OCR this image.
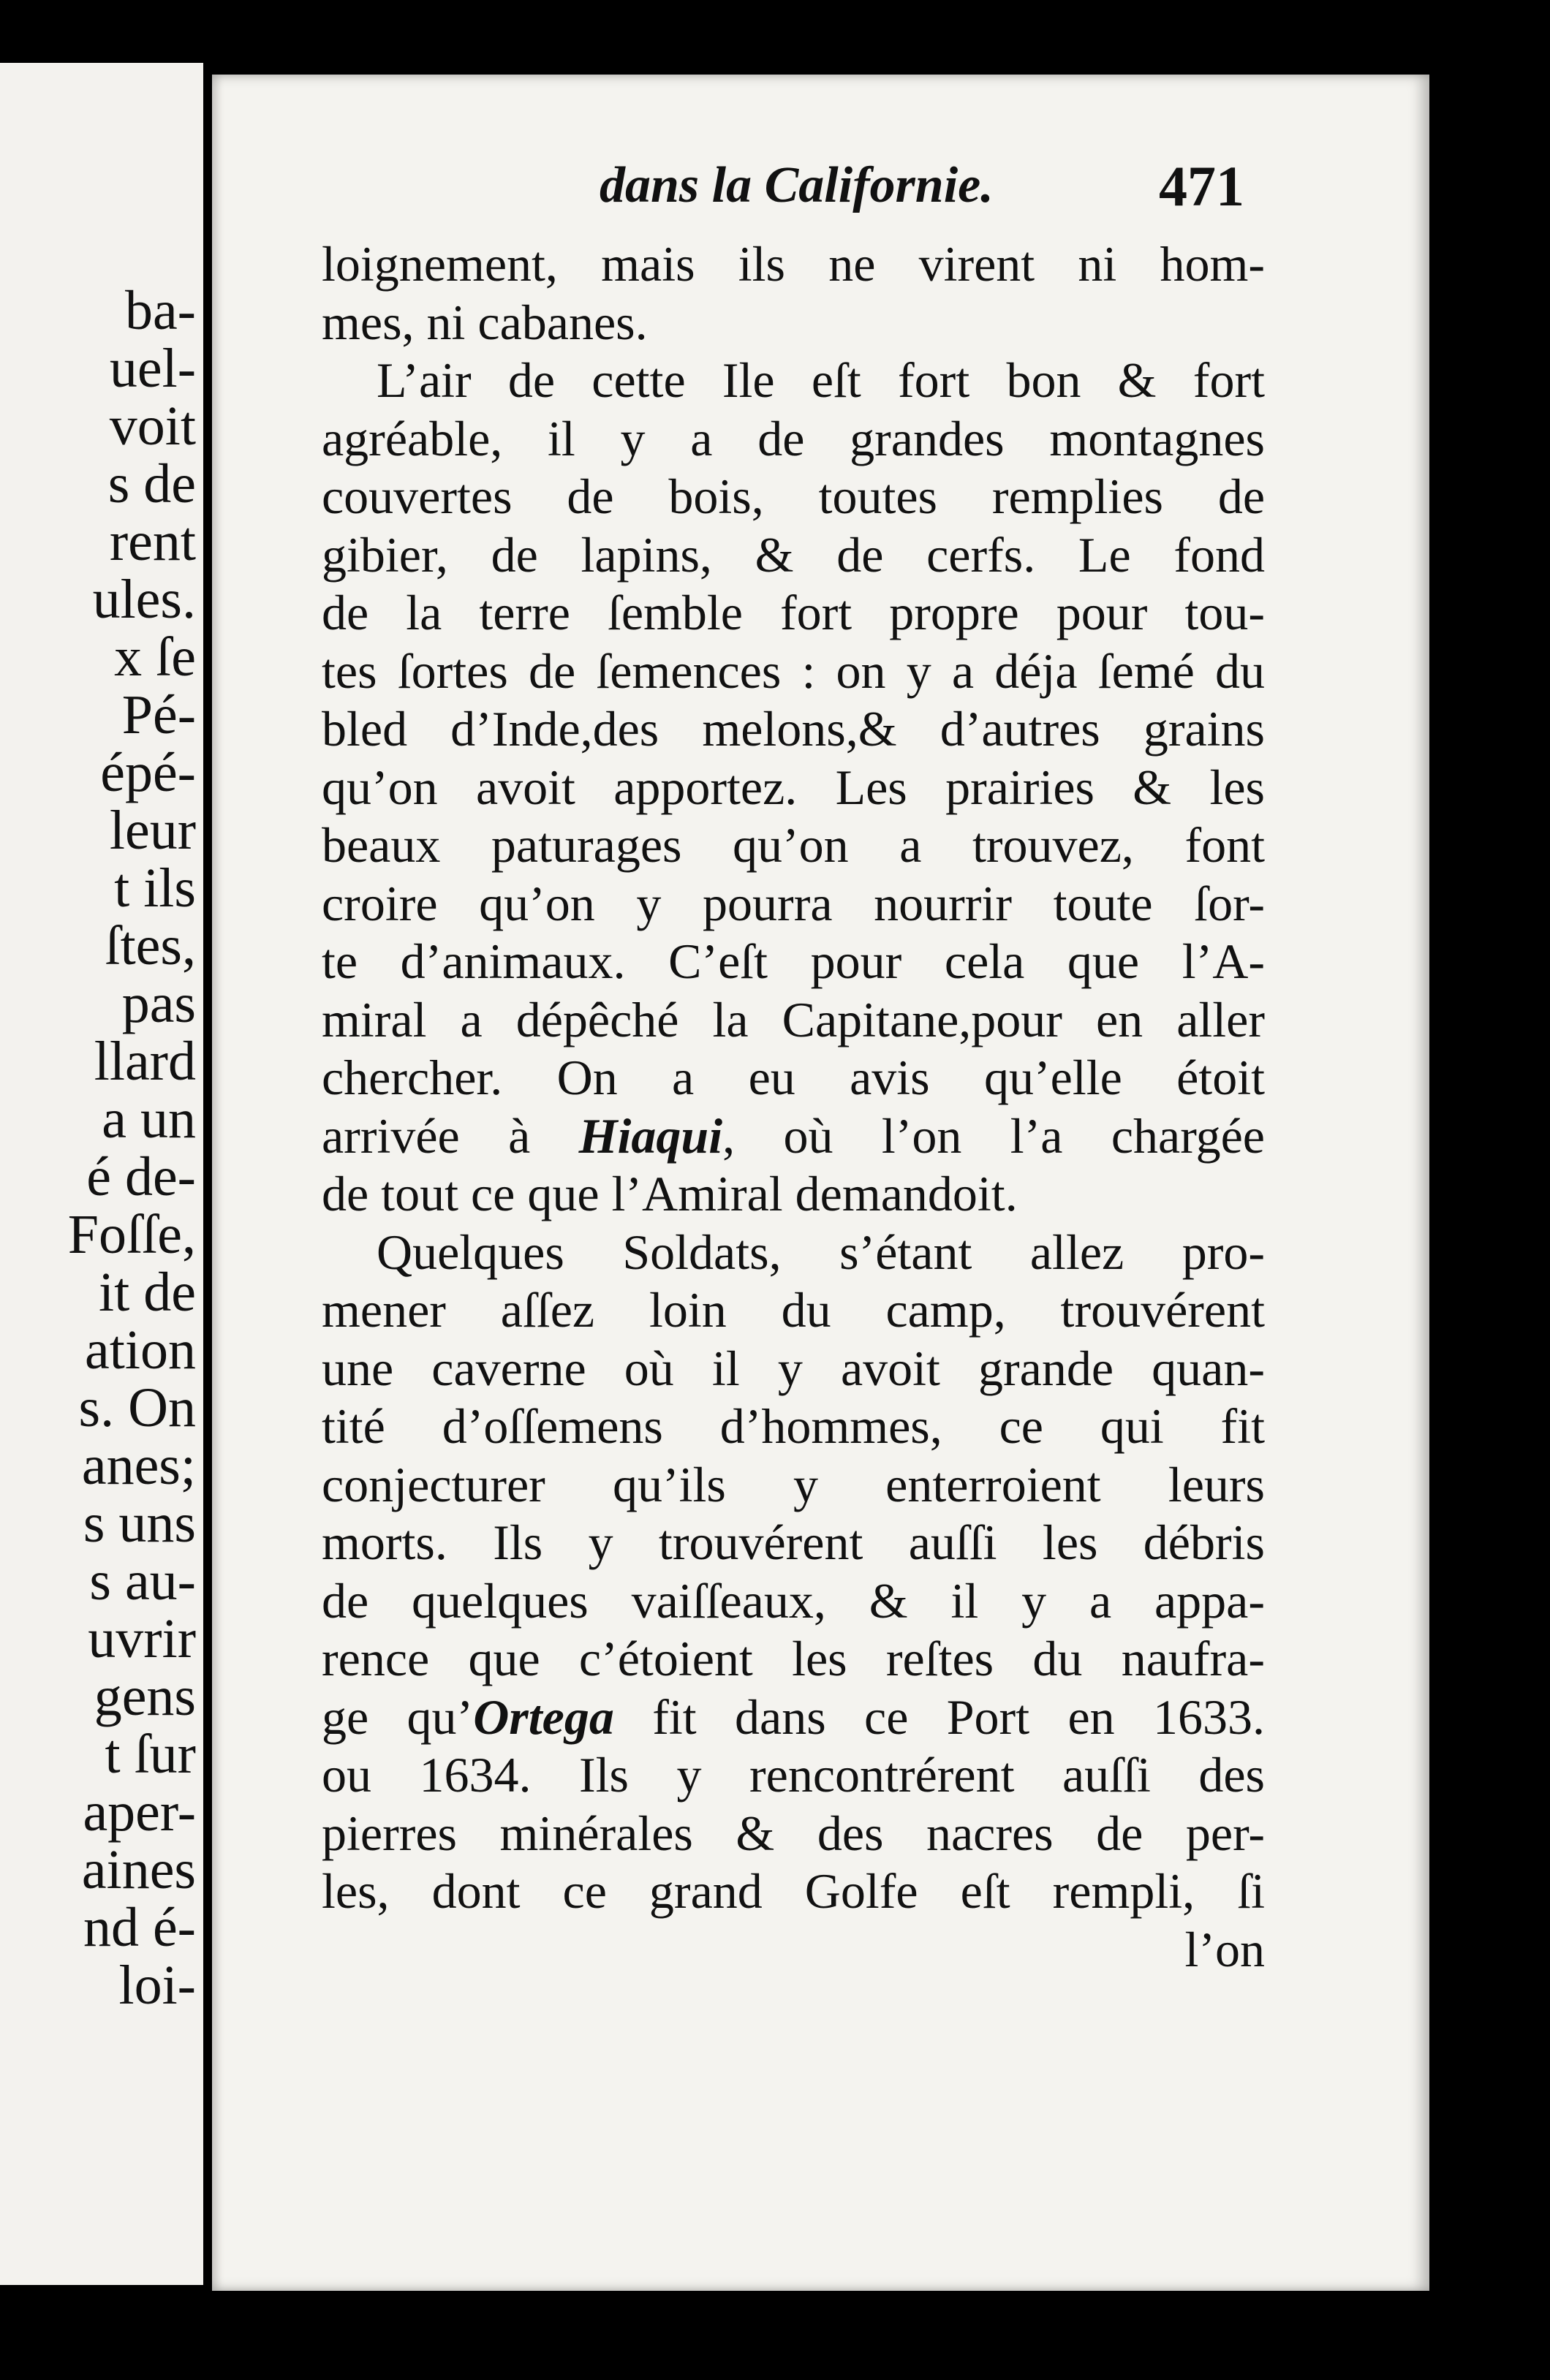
ba-
uel-
voit
s de
rent
ules.
x ſe
Pé-
épé-
leur
t ils
ſtes,
pas
llard
a un
é de-
Foſſe,
it de
ation
s. On
anes;
s uns
s au-
uvrir
gens
t ſur
aper-
aines
nd é-
loi-
dans la Californie.	471
loignement, mais ils ne virent ni hom-
mes, ni cabanes.
L’air de cette Ile eſt fort bon & fort
agréable, il y a de grandes montagnes
couvertes de bois, toutes remplies de
gibier, de lapins, & de cerfs. Le fond
de la terre ſemble fort propre pour tou-
tes ſortes de ſemences : on y a déja ſemé du
bled d’Inde,des melons,& d’autres grains
qu’on avoit apportez. Les prairies & les
beaux paturages qu’on a trouvez, font
croire qu’on y pourra nourrir toute ſor-
te d’animaux. C’eſt pour cela que l’A-
miral a dépêché la Capitane,pour en aller
chercher. On a eu avis qu’elle étoit
arrivée à Hiaqui, où l’on l’a chargée
de tout ce que l’Amiral demandoit.
Quelques Soldats, s’étant allez pro-
mener aſſez loin du camp, trouvérent
une caverne où il y avoit grande quan-
tité d’oſſemens d’hommes, ce qui fit
conjecturer qu’ils y enterroient leurs
morts. Ils y trouvérent auſſi les débris
de quelques vaiſſeaux, & il y a appa-
rence que c’étoient les reſtes du naufra-
ge qu’Ortega fit dans ce Port en 1633.
ou 1634. Ils y rencontrérent auſſi des
pierres minérales & des nacres de per-
les, dont ce grand Golfe eſt rempli, ſi
l’on
